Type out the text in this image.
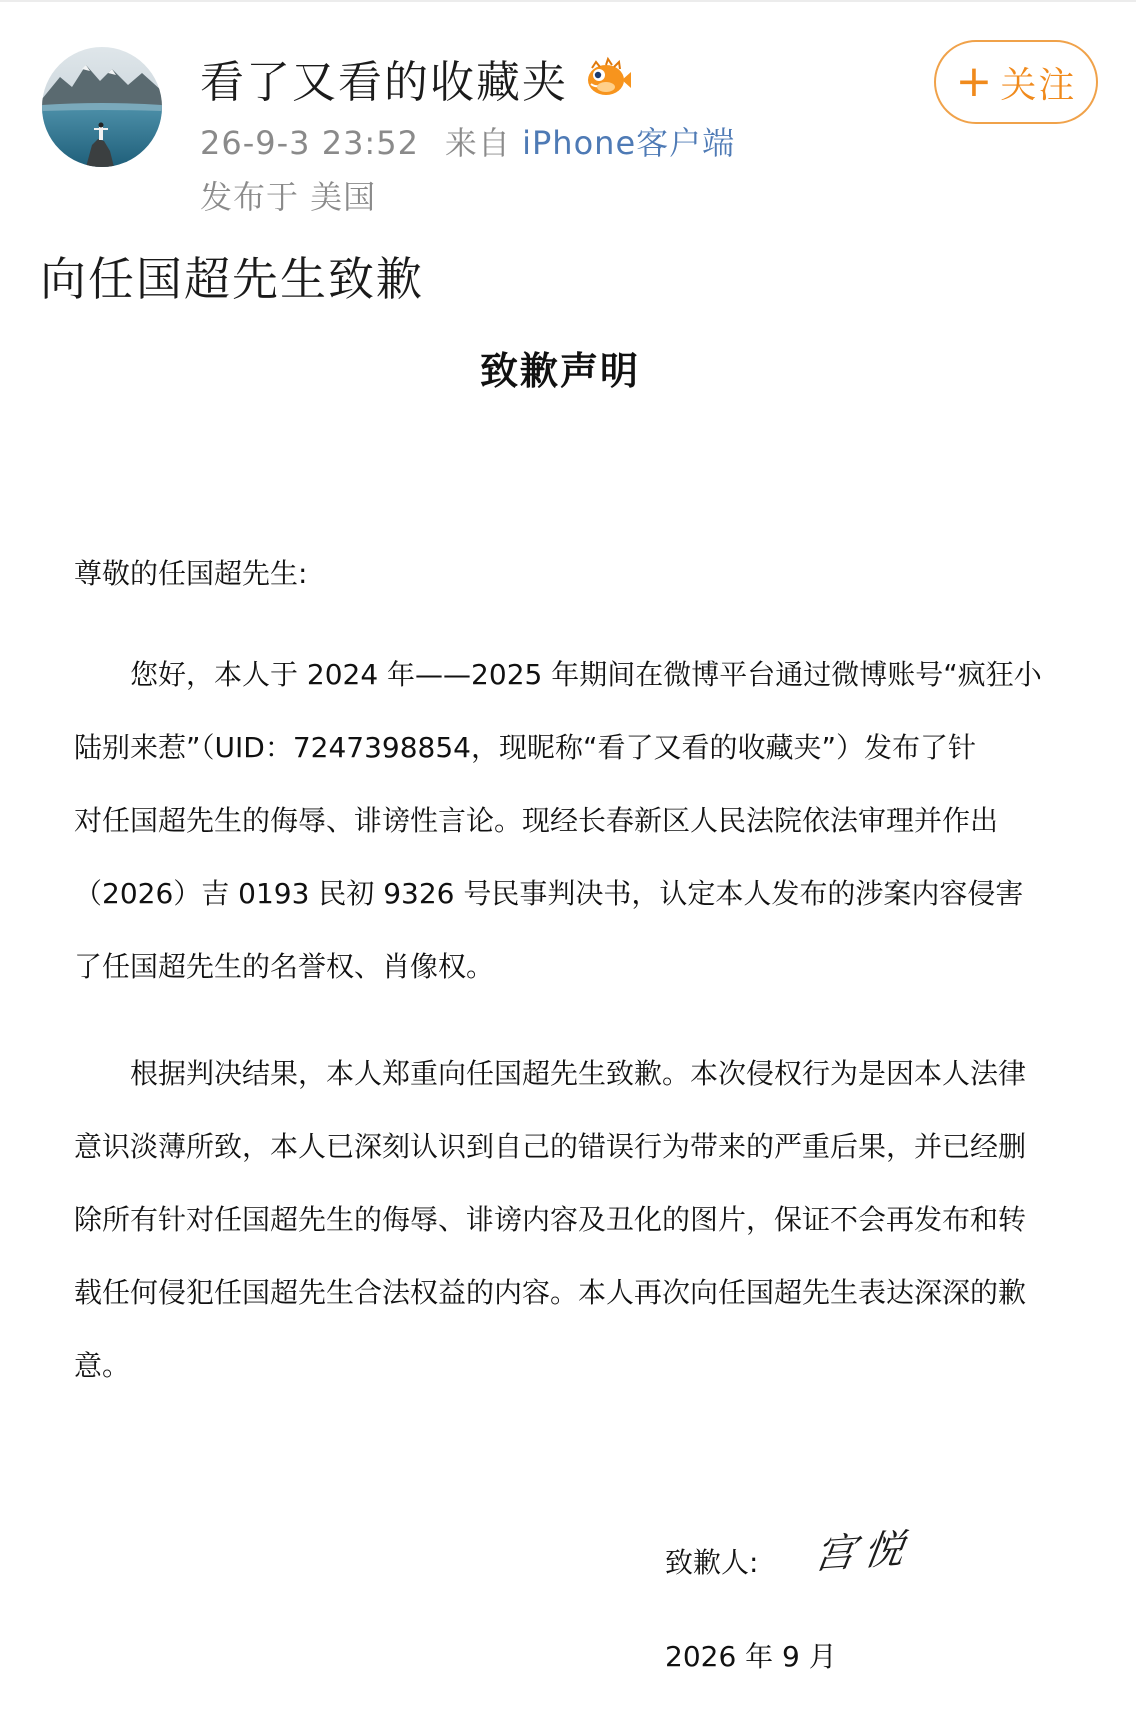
看了又看的收藏夹
26-9-3 23:52 来自 iPhone客户端
发布于 美国
+ 关注
向任国超先生致歉
致歉声明
尊敬的任国超先生:
　　您好，本人于 2024 年——2025 年期间在微博平台通过微博账号“疯狂小
陆别来惹”（UID：7247398854，现昵称“看了又看的收藏夹”）发布了针
对任国超先生的侮辱、诽谤性言论。现经长春新区人民法院依法审理并作出
（2026）吉 0193 民初 9326 号民事判决书，认定本人发布的涉案内容侵害
了任国超先生的名誉权、肖像权。
　　根据判决结果，本人郑重向任国超先生致歉。本次侵权行为是因本人法律
意识淡薄所致，本人已深刻认识到自己的错误行为带来的严重后果，并已经删
除所有针对任国超先生的侮辱、诽谤内容及丑化的图片，保证不会再发布和转
载任何侵犯任国超先生合法权益的内容。本人再次向任国超先生表达深深的歉
意。
致歉人: 宫悦
2026 年 9 月
